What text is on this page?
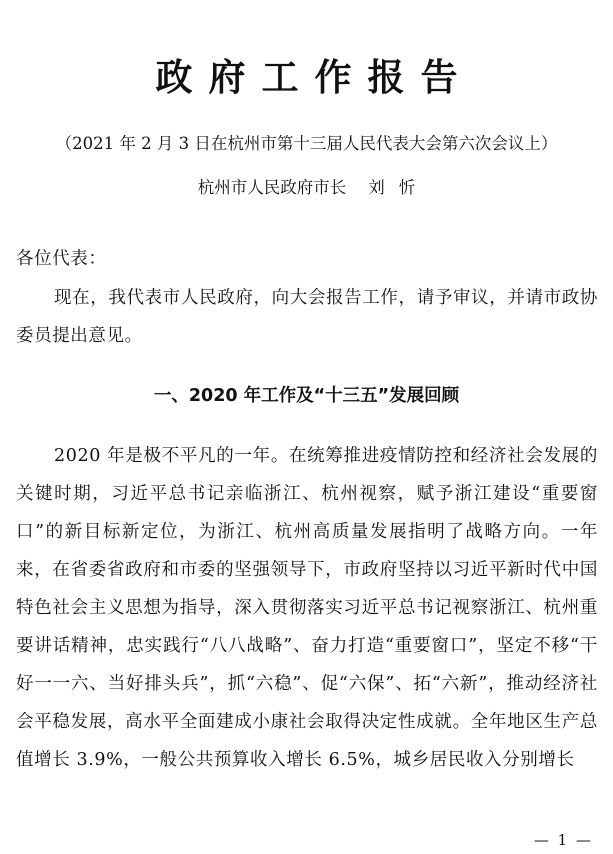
政府工作报告
（2021 年 2 月 3 日在杭州市第十三届人民代表大会第六次会议上）
杭州市人民政府市长 刘 忻
各位代表：
现在，我代表市人民政府，向大会报告工作，请予审议，并请市政协委员提出意见。
一、2020 年工作及“十三五”发展回顾
2020 年是极不平凡的一年。在统筹推进疫情防控和经济社会发展的关键时期，习近平总书记亲临浙江、杭州视察，赋予浙江建设“重要窗口”的新目标新定位，为浙江、杭州高质量发展指明了战略方向。一年来，在省委省政府和市委的坚强领导下，市政府坚持以习近平新时代中国特色社会主义思想为指导，深入贯彻落实习近平总书记视察浙江、杭州重要讲话精神，忠实践行“八八战略”、奋力打造“重要窗口”，坚定不移“干好一一六、当好排头兵”，抓“六稳”、促“六保”、拓“六新”，推动经济社会平稳发展，高水平全面建成小康社会取得决定性成就。全年地区生产总值增长 3.9%，一般公共预算收入增长 6.5%，城乡居民收入分别增长
— 1 —
